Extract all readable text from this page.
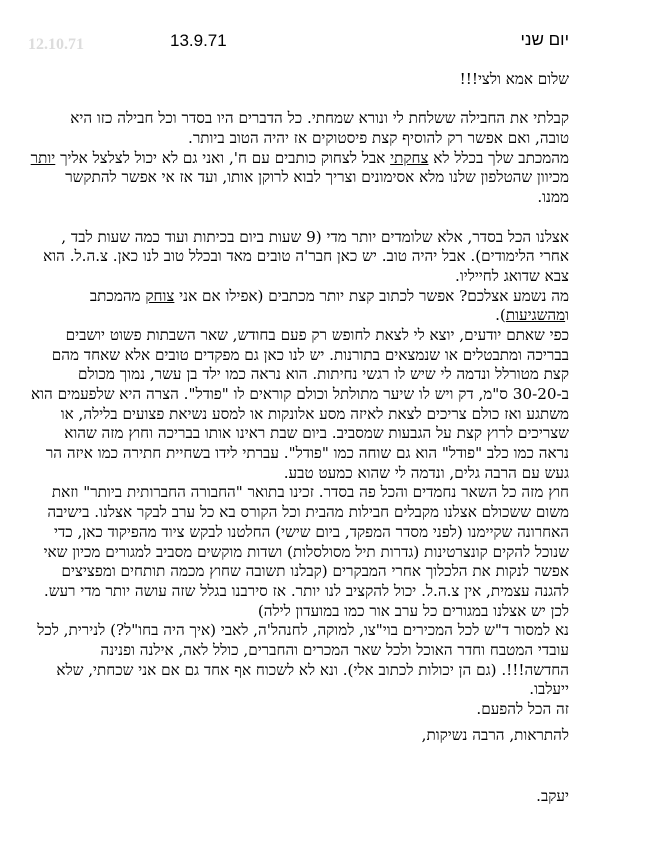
12.10.71	13.9.71	יום שני
שלום אמא ולצי!!!
קבלתי את החבילה ששלחת לי ונורא שמחתי. כל הדברים היו בסדר וכל חבילה כזו היא
טובה, ואם אפשר רק להוסיף קצת פיסטוקים אז יהיה הטוב ביותר.
מהמכתב שלך בכלל לא צחקתי אבל לצחוק כותבים עם ח', ואני גם לא יכול לצלצל אליך יותר
מכיוון שהטלפון שלנו מלא אסימונים וצריך לבוא לרוקן אותו, ועד אז אי אפשר להתקשר
ממנו.
אצלנו הכל בסדר, אלא שלומדים יותר מדי (9 שעות ביום בכיתות ועוד כמה שעות לבד ,
אחרי הלימודים). אבל יהיה טוב. יש כאן חבר'ה טובים מאד ובכלל טוב לנו כאן. צ.ה.ל. הוא
צבא שדואג לחייליו.
מה נשמע אצלכם? אפשר לכתוב קצת יותר מכתבים (אפילו אם אני צוחק מהמכתב
ומהשגיעות).
כפי שאתם יודעים, יוצא לי לצאת לחופש רק פעם בחודש, שאר השבתות פשוט יושבים
בבריכה ומתבטלים או שנמצאים בתורנות. יש לנו כאן גם מפקדים טובים אלא שאחד מהם
קצת מטורלל ונדמה לי שיש לו רגשי נחיתות. הוא נראה כמו ילד בן עשר, נמוך מכולם
ב-30-20 ס"מ, דק ויש לו שיער מתולתל וכולם קוראים לו "פודל". הצרה היא שלפעמים הוא
משתגע ואז כולם צריכים לצאת לאיזה מסע אלונקות או למסע נשיאת פצועים בלילה, או
שצריכים לרוץ קצת על הגבעות שמסביב. ביום שבת ראינו אותו בבריכה וחוץ מזה שהוא
נראה כמו כלב "פודל" הוא גם שוחה כמו "פודל". עברתי לידו בשחיית חתירה כמו איזה הר
געש עם הרבה גלים, ונדמה לי שהוא כמעט טבע.
חוץ מזה כל השאר נחמדים והכל פה בסדר. זכינו בתואר "החבורה החברותית ביותר" וזאת
משום ששכולם אצלנו מקבלים חבילות מהבית וכל הקורס בא כל ערב לבקר אצלנו. בישיבה
האחרונה שקיימנו (לפני מסדר המפקד, ביום שישי) החלטנו לבקש ציוד מהפיקוד כאן, כדי
שנוכל להקים קונצרטינות (גדרות תיל מסולסלות) ושדות מוקשים מסביב למגורים מכיון שאי
אפשר לנקות את הלכלוך אחרי המבקרים (קבלנו תשובה שחוץ מכמה תותחים ומפציצים
להגנה עצמית, אין צ.ה.ל. יכול להקציב לנו יותר. אז סירבנו בגלל שזה עושה יותר מדי רעש.
לכן יש אצלנו במגורים כל ערב אור כמו במועדון לילה)
נא למסור ד"ש לכל המכירים בוי"צו, למוקה, לחנהל'ה, לאבי (איך היה בחו"ל?) לנירית, לכל
עובדי המטבח וחדר האוכל ולכל שאר המכרים והחברים, כולל לאה, אילנה ופנינה
החדשה!!!. (גם הן יכולות לכתוב אלי). ונא לא לשכוח אף אחד גם אם אני שכחתי, שלא
ייעלבו.
זה הכל להפעם.
להתראות, הרבה נשיקות,
יעקב.
